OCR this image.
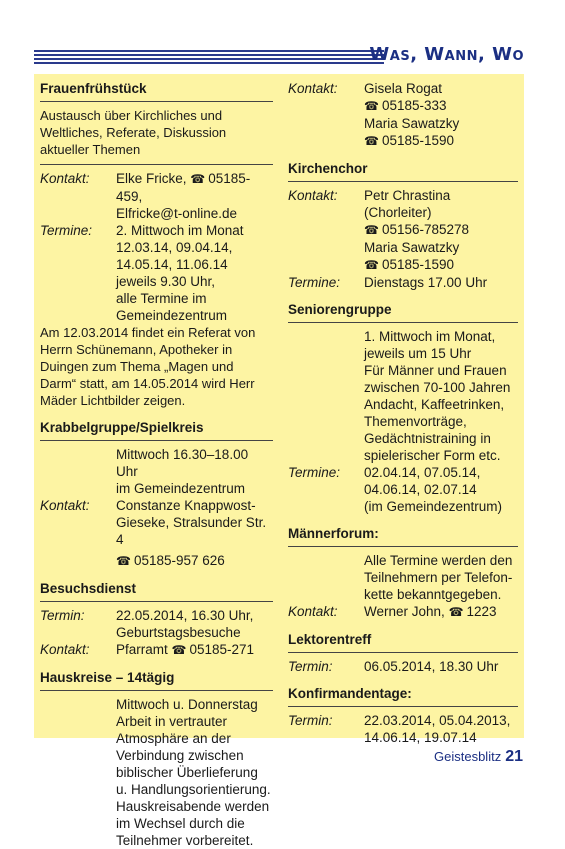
Was, Wann, Wo
Frauenfrühstück
Austausch über Kirchliches und Weltliches, Referate, Diskussion aktueller Themen
Kontakt:	Elke Fricke, ☎ 05185-459,
Elfricke@t-online.de
Termine:	2. Mittwoch im Monat
12.03.14, 09.04.14,
14.05.14, 11.06.14
jeweils 9.30 Uhr,
alle Termine im
Gemeindezentrum
Am 12.03.2014 findet ein Referat von Herrn Schünemann, Apotheker in Duingen zum Thema „Magen und Darm“ statt, am 14.05.2014 wird Herr Mäder Lichtbilder zeigen.
Krabbelgruppe/Spielkreis
Mittwoch 16.30–18.00 Uhr
im Gemeindezentrum
Kontakt:	Constanze Knappwost-
Gieseke, Stralsunder Str. 4
☎ 05185-957 626
Besuchsdienst
Termin:	22.05.2014, 16.30 Uhr,
Geburtstagsbesuche
Kontakt:	Pfarramt ☎ 05185-271
Hauskreise – 14tägig
Mittwoch u. Donnerstag
Arbeit in vertrauter
Atmosphäre an der
Verbindung zwischen
biblischer Überlieferung
u. Handlungsorientierung.
Hauskreisabende werden
im Wechsel durch die
Teilnehmer vorbereitet.
Kontakt:	Gisela Rogat
☎ 05185-333
Maria Sawatzky
☎ 05185-1590
Kirchenchor
Kontakt:	Petr Chrastina
(Chorleiter)
☎ 05156-785278
Maria Sawatzky
☎ 05185-1590
Termine:	Dienstags 17.00 Uhr
Seniorengruppe
1. Mittwoch im Monat,
jeweils um 15 Uhr
Für Männer und Frauen
zwischen 70-100 Jahren
Andacht, Kaffeetrinken,
Themenvorträge,
Gedächtnistraining in
spielerischer Form etc.
Termine:	02.04.14, 07.05.14,
04.06.14, 02.07.14
(im Gemeindezentrum)
Männerforum:
Alle Termine werden den
Teilnehmern per Telefon-
kette bekanntgegeben.
Kontakt:	Werner John, ☎ 1223
Lektorentreff
Termin:	06.05.2014, 18.30 Uhr
Konfirmandentage:
Termin:	22.03.2014, 05.04.2013,
14.06.14, 19.07.14
Geistesblitz 21
